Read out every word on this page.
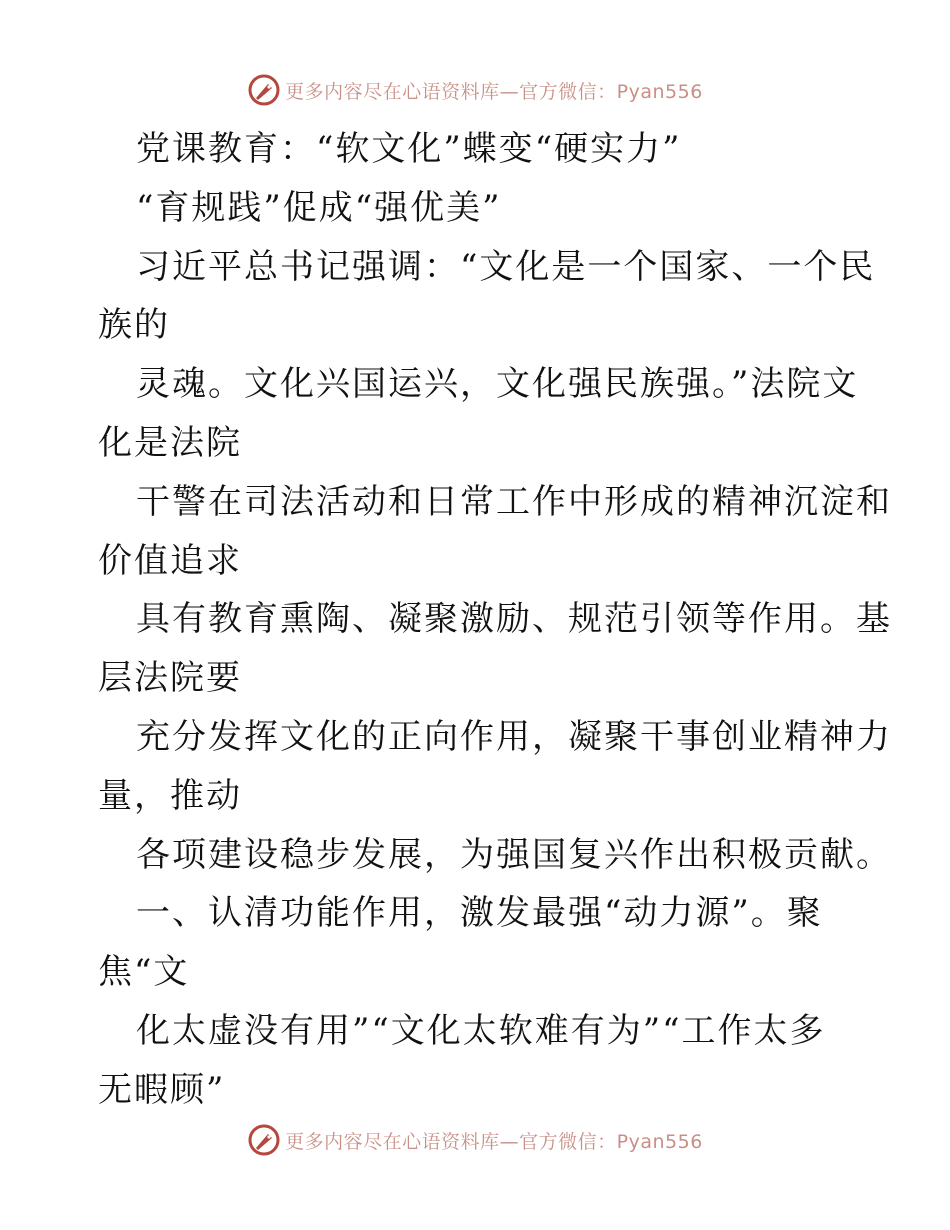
更多内容尽在心语资料库—官方微信：Pyan556
党课教育：“软文化”蝶变“硬实力”
“育规践”促成“强优美”
习近平总书记强调：“文化是一个国家、一个民
族的
灵魂。文化兴国运兴，文化强民族强。”法院文
化是法院
干警在司法活动和日常工作中形成的精神沉淀和
价值追求
具有教育熏陶、凝聚激励、规范引领等作用。基
层法院要
充分发挥文化的正向作用，凝聚干事创业精神力
量，推动
各项建设稳步发展，为强国复兴作出积极贡献。
一、认清功能作用，激发最强“动力源”。聚
焦“文
化太虚没有用”“文化太软难有为”“工作太多
无暇顾”
更多内容尽在心语资料库—官方微信：Pyan556
